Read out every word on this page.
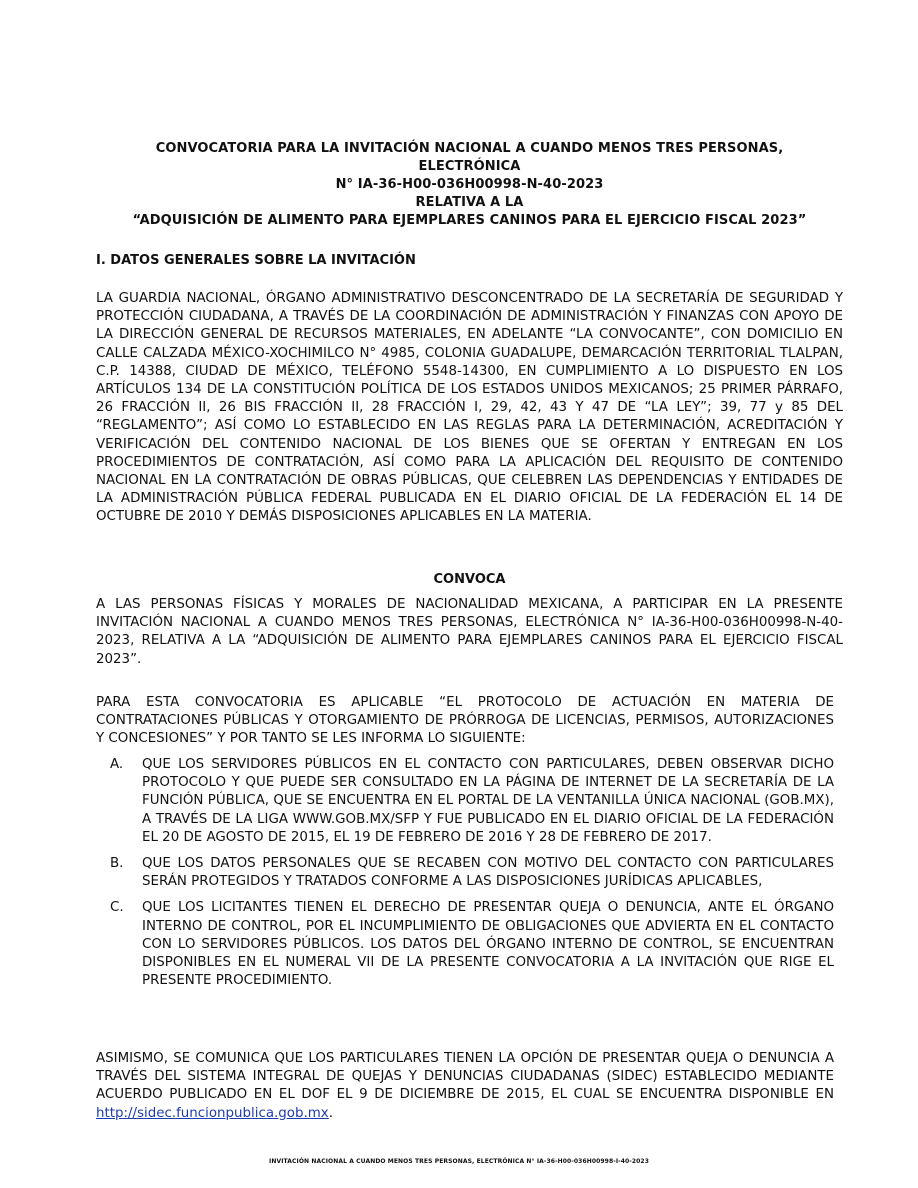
CONVOCATORIA PARA LA INVITACIÓN NACIONAL A CUANDO MENOS TRES PERSONAS,
ELECTRÓNICA
N° IA-36-H00-036H00998-N-40-2023
RELATIVA A LA
“ADQUISICIÓN DE ALIMENTO PARA EJEMPLARES CANINOS PARA EL EJERCICIO FISCAL 2023”
I. DATOS GENERALES SOBRE LA INVITACIÓN
LA GUARDIA NACIONAL, ÓRGANO ADMINISTRATIVO DESCONCENTRADO DE LA SECRETARÍA DE SEGURIDAD Y PROTECCIÓN CIUDADANA, A TRAVÉS DE LA COORDINACIÓN DE ADMINISTRACIÓN Y FINANZAS CON APOYO DE LA DIRECCIÓN GENERAL DE RECURSOS MATERIALES, EN ADELANTE “LA CONVOCANTE”, CON DOMICILIO EN CALLE CALZADA MÉXICO-XOCHIMILCO N° 4985, COLONIA GUADALUPE, DEMARCACIÓN TERRITORIAL TLALPAN, C.P. 14388, CIUDAD DE MÉXICO, TELÉFONO 5548-14300, EN CUMPLIMIENTO A LO DISPUESTO EN LOS ARTÍCULOS 134 DE LA CONSTITUCIÓN POLÍTICA DE LOS ESTADOS UNIDOS MEXICANOS; 25 PRIMER PÁRRAFO, 26 FRACCIÓN II, 26 BIS FRACCIÓN II, 28 FRACCIÓN I, 29, 42, 43 Y 47 DE “LA LEY”; 39, 77 y 85 DEL “REGLAMENTO”; ASÍ COMO LO ESTABLECIDO EN LAS REGLAS PARA LA DETERMINACIÓN, ACREDITACIÓN Y VERIFICACIÓN DEL CONTENIDO NACIONAL DE LOS BIENES QUE SE OFERTAN Y ENTREGAN EN LOS PROCEDIMIENTOS DE CONTRATACIÓN, ASÍ COMO PARA LA APLICACIÓN DEL REQUISITO DE CONTENIDO NACIONAL EN LA CONTRATACIÓN DE OBRAS PÚBLICAS, QUE CELEBREN LAS DEPENDENCIAS Y ENTIDADES DE LA ADMINISTRACIÓN PÚBLICA FEDERAL PUBLICADA EN EL DIARIO OFICIAL DE LA FEDERACIÓN EL 14 DE OCTUBRE DE 2010 Y DEMÁS DISPOSICIONES APLICABLES EN LA MATERIA.
CONVOCA
A LAS PERSONAS FÍSICAS Y MORALES DE NACIONALIDAD MEXICANA, A PARTICIPAR EN LA PRESENTE INVITACIÓN NACIONAL A CUANDO MENOS TRES PERSONAS, ELECTRÓNICA N° IA-36-H00-036H00998-N-40-2023, RELATIVA A LA “ADQUISICIÓN DE ALIMENTO PARA EJEMPLARES CANINOS PARA EL EJERCICIO FISCAL 2023”.
PARA ESTA CONVOCATORIA ES APLICABLE “EL PROTOCOLO DE ACTUACIÓN EN MATERIA DE CONTRATACIONES PÚBLICAS Y OTORGAMIENTO DE PRÓRROGA DE LICENCIAS, PERMISOS, AUTORIZACIONES Y CONCESIONES” Y POR TANTO SE LES INFORMA LO SIGUIENTE:
A. QUE LOS SERVIDORES PÚBLICOS EN EL CONTACTO CON PARTICULARES, DEBEN OBSERVAR DICHO PROTOCOLO Y QUE PUEDE SER CONSULTADO EN LA PÁGINA DE INTERNET DE LA SECRETARÍA DE LA FUNCIÓN PÚBLICA, QUE SE ENCUENTRA EN EL PORTAL DE LA VENTANILLA ÚNICA NACIONAL (GOB.MX), A TRAVÉS DE LA LIGA WWW.GOB.MX/SFP Y FUE PUBLICADO EN EL DIARIO OFICIAL DE LA FEDERACIÓN EL 20 DE AGOSTO DE 2015, EL 19 DE FEBRERO DE 2016 Y 28 DE FEBRERO DE 2017.
B. QUE LOS DATOS PERSONALES QUE SE RECABEN CON MOTIVO DEL CONTACTO CON PARTICULARES SERÁN PROTEGIDOS Y TRATADOS CONFORME A LAS DISPOSICIONES JURÍDICAS APLICABLES,
C. QUE LOS LICITANTES TIENEN EL DERECHO DE PRESENTAR QUEJA O DENUNCIA, ANTE EL ÓRGANO INTERNO DE CONTROL, POR EL INCUMPLIMIENTO DE OBLIGACIONES QUE ADVIERTA EN EL CONTACTO CON LO SERVIDORES PÚBLICOS. LOS DATOS DEL ÓRGANO INTERNO DE CONTROL, SE ENCUENTRAN DISPONIBLES EN EL NUMERAL VII DE LA PRESENTE CONVOCATORIA A LA INVITACIÓN QUE RIGE EL PRESENTE PROCEDIMIENTO.
ASIMISMO, SE COMUNICA QUE LOS PARTICULARES TIENEN LA OPCIÓN DE PRESENTAR QUEJA O DENUNCIA A TRAVÉS DEL SISTEMA INTEGRAL DE QUEJAS Y DENUNCIAS CIUDADANAS (SIDEC) ESTABLECIDO MEDIANTE ACUERDO PUBLICADO EN EL DOF EL 9 DE DICIEMBRE DE 2015, EL CUAL SE ENCUENTRA DISPONIBLE EN http://sidec.funcionpublica.gob.mx.
INVITACIÓN NACIONAL A CUANDO MENOS TRES PERSONAS, ELECTRÓNICA N° IA-36-H00-036H00998-I-40-2023
